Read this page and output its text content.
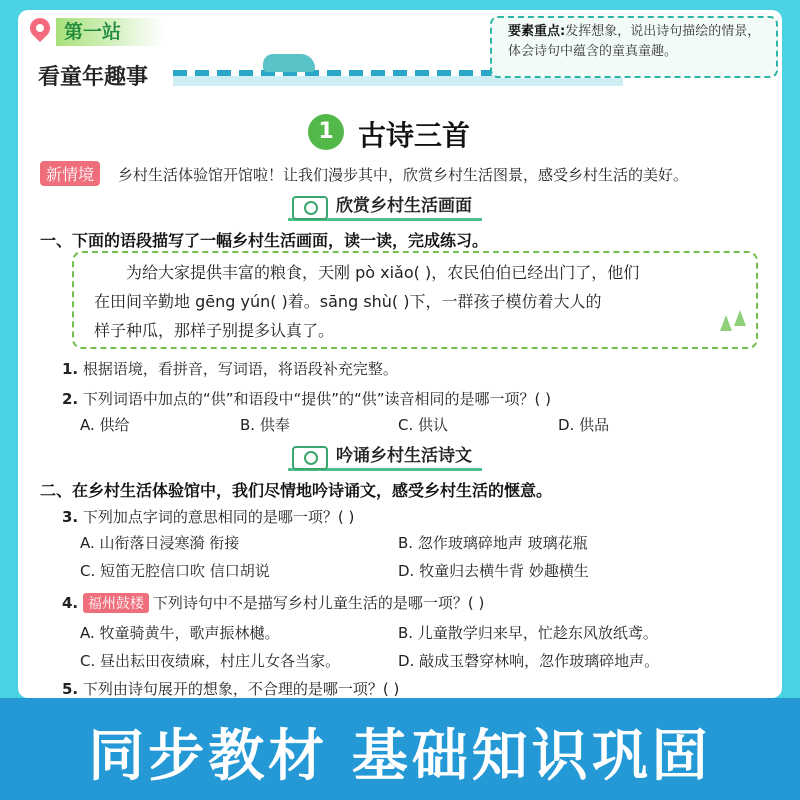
第一站
看童年趣事
要素重点:发挥想象，说出诗句描绘的情景，体会诗句中蕴含的童真童趣。
1 古诗三首
新情境	乡村生活体验馆开馆啦！让我们漫步其中，欣赏乡村生活图景，感受乡村生活的美好。
欣赏乡村生活画面
一、下面的语段描写了一幅乡村生活画面，读一读，完成练习。
为给大家提供丰富的粮食，天刚 pò xiǎo( )，农民伯伯已经出门了，他们
在田间辛勤地 gēng yún( )着。sāng shù( )下，一群孩子模仿着大人的
样子种瓜，那样子别提多认真了。
1. 根据语境，看拼音，写词语，将语段补充完整。
2. 下列词语中加点的“供”和语段中“提供”的“供”读音相同的是哪一项？( )
A. 供给	B. 供奉	C. 供认	D. 供品
吟诵乡村生活诗文
二、在乡村生活体验馆中，我们尽情地吟诗诵文，感受乡村生活的惬意。
3. 下列加点字词的意思相同的是哪一项？( )
A. 山衔落日浸寒漪 衔接	B. 忽作玻璃碎地声 玻璃花瓶
C. 短笛无腔信口吹 信口胡说	D. 牧童归去横牛背 妙趣横生
4. 福州鼓楼 下列诗句中不是描写乡村儿童生活的是哪一项？( )
A. 牧童骑黄牛，歌声振林樾。	B. 儿童散学归来早，忙趁东风放纸鸢。
C. 昼出耘田夜绩麻，村庄儿女各当家。	D. 敲成玉磬穿林响，忽作玻璃碎地声。
5. 下列由诗句展开的想象，不合理的是哪一项？( )
同步教材 基础知识巩固
